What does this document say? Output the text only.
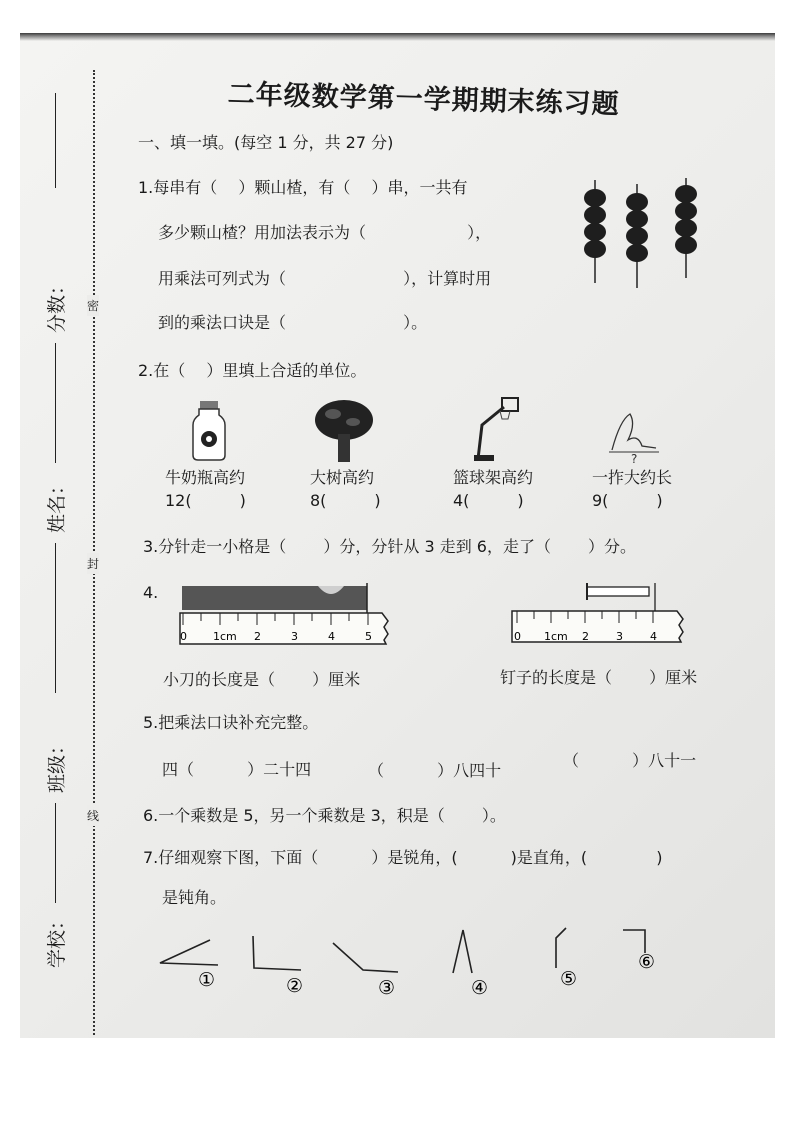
分数：
姓名：
班级：
学校：
密
封
线
二年级数学第一学期期末练习题
一、填一填。(每空 1 分，共 27 分)
1.每串有（　 ）颗山楂，有（　 ）串，一共有
多少颗山楂？用加法表示为（　　　　　　 ），
用乘法可列式为（　　　　　　　 ），计算时用
到的乘法口诀是（　　　　　　　 ）。
2.在（　 ）里填上合适的单位。
?
牛奶瓶高约
12(　　　)
大树高约
8(　　　)
篮球架高约
4(　　　)
一拃大约长
9(　　　)
3.分针走一小格是（　　 ）分，分针从 3 走到 6，走了（　　 ）分。
4.
0 1cm 2	3	4	5	0 1cm 2 3 4
小刀的长度是（　　 ）厘米	钉子的长度是（　　 ）厘米
5.把乘法口诀补充完整。
四（　　　 ）二十四	（　　　 ）八四十
（　　　 ）八十一
6.一个乘数是 5，另一个乘数是 3，积是（　　 ）。
7.仔细观察下图，下面（　　　 ）是锐角，(　　　 )是直角，(　　　　 )
是钝角。
①	②	③	④	⑤
⑥
